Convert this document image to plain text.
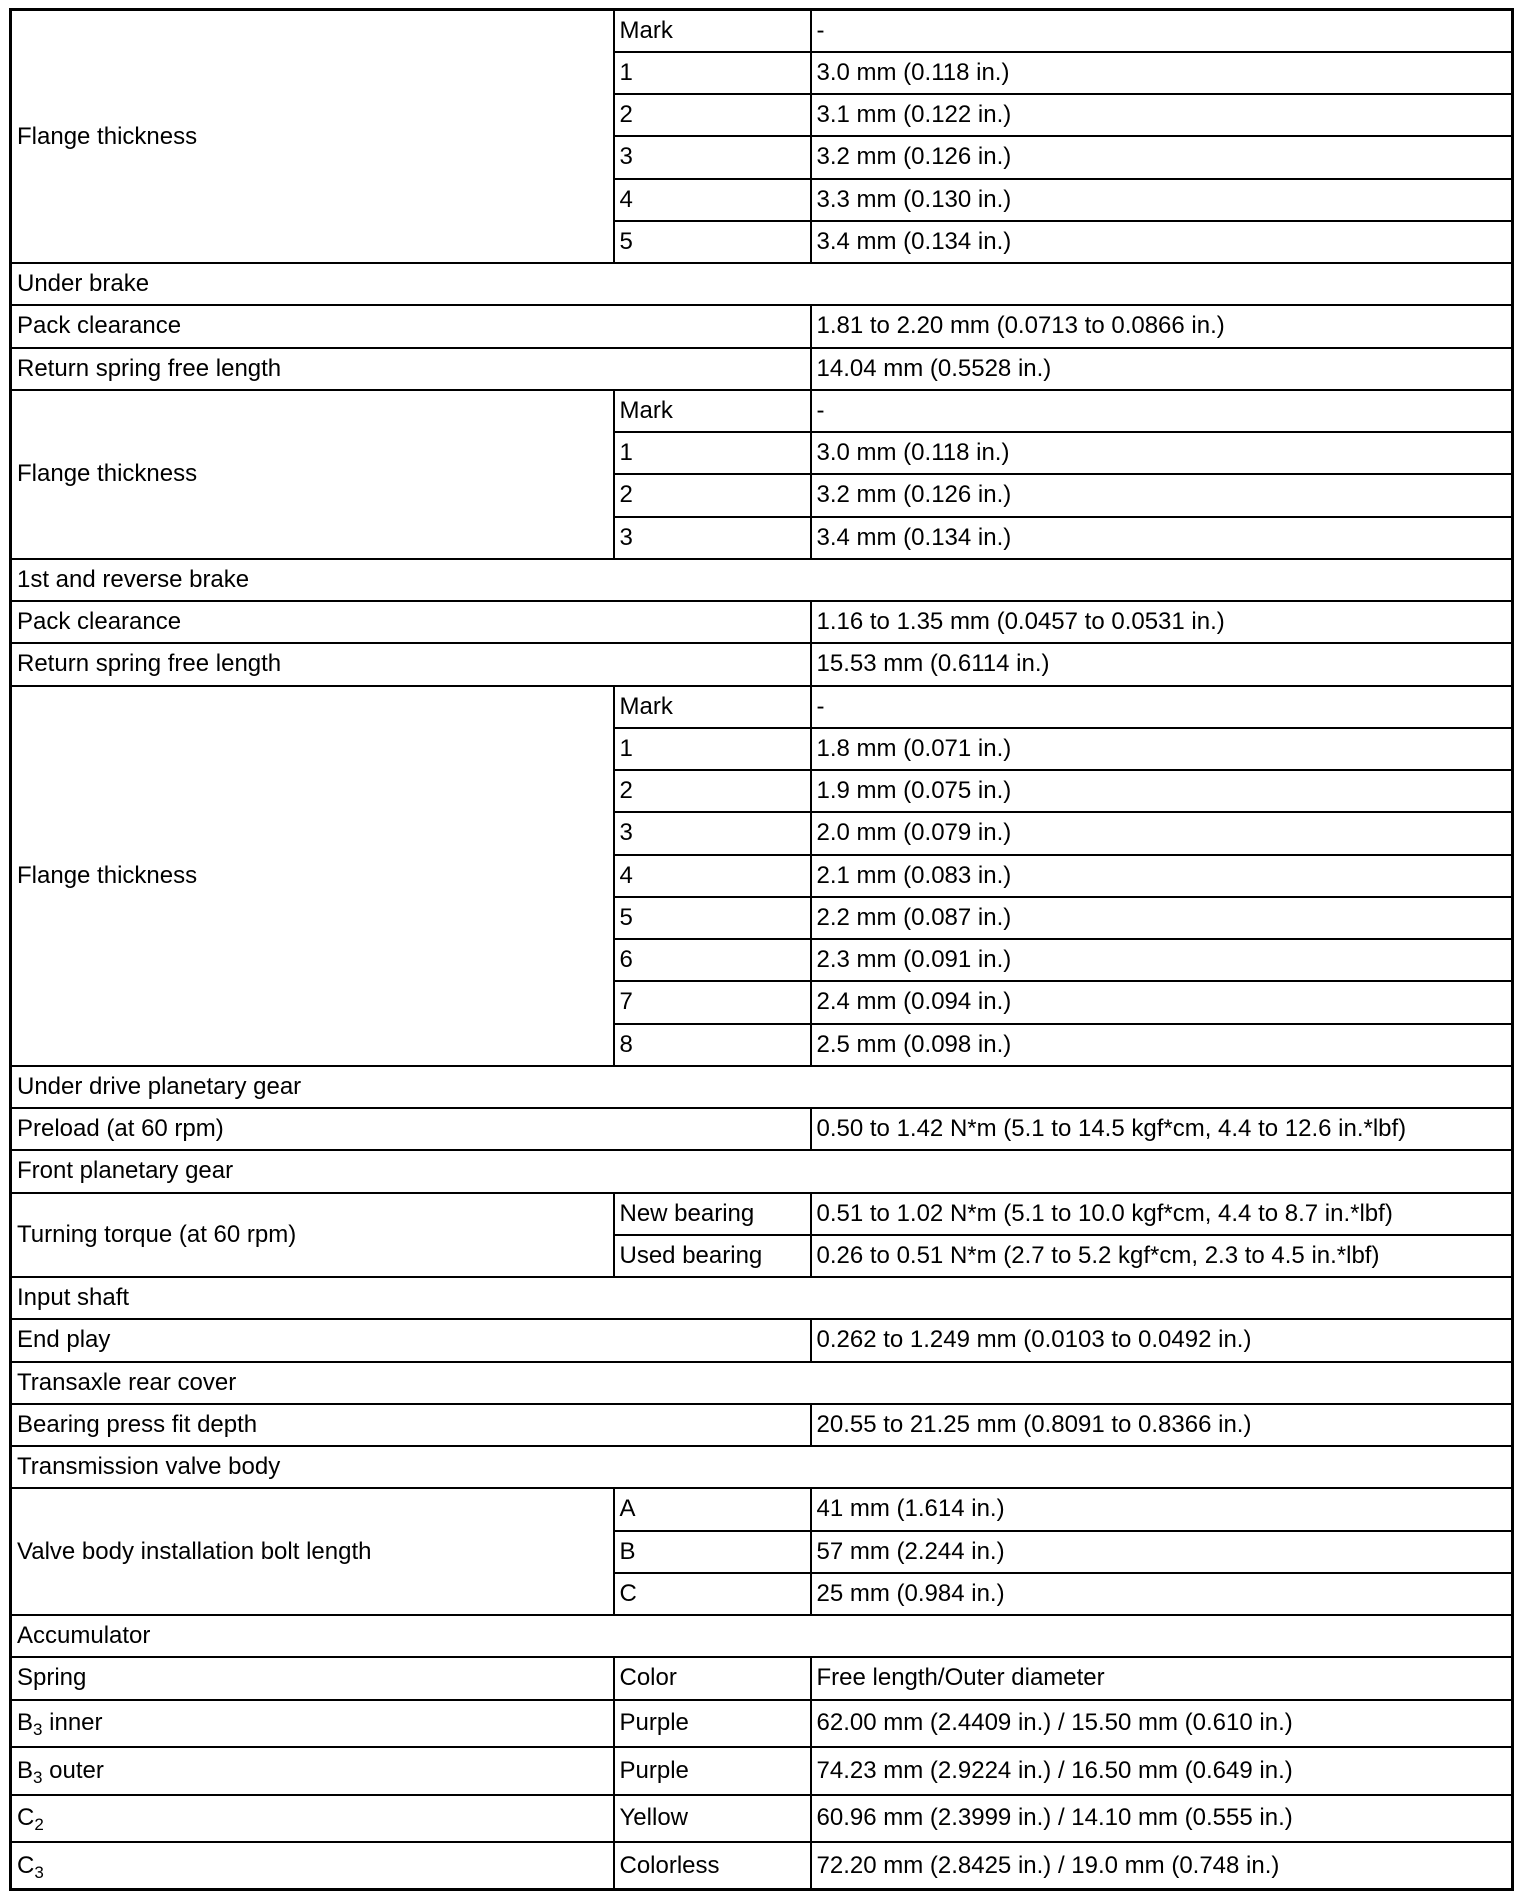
Flange thickness	Mark	-
	1	3.0 mm (0.118 in.)
	2	3.1 mm (0.122 in.)
	3	3.2 mm (0.126 in.)
	4	3.3 mm (0.130 in.)
	5	3.4 mm (0.134 in.)
Under brake		
Pack clearance		1.81 to 2.20 mm (0.0713 to 0.0866 in.)
Return spring free length		14.04 mm (0.5528 in.)
Flange thickness	Mark	-
	1	3.0 mm (0.118 in.)
	2	3.2 mm (0.126 in.)
	3	3.4 mm (0.134 in.)
1st and reverse brake		
Pack clearance		1.16 to 1.35 mm (0.0457 to 0.0531 in.)
Return spring free length		15.53 mm (0.6114 in.)
Flange thickness	Mark	-
	1	1.8 mm (0.071 in.)
	2	1.9 mm (0.075 in.)
	3	2.0 mm (0.079 in.)
	4	2.1 mm (0.083 in.)
	5	2.2 mm (0.087 in.)
	6	2.3 mm (0.091 in.)
	7	2.4 mm (0.094 in.)
	8	2.5 mm (0.098 in.)
Under drive planetary gear		
Preload (at 60 rpm)		0.50 to 1.42 N*m (5.1 to 14.5 kgf*cm, 4.4 to 12.6 in.*lbf)
Front planetary gear		
Turning torque (at 60 rpm)	New bearing	0.51 to 1.02 N*m (5.1 to 10.0 kgf*cm, 4.4 to 8.7 in.*lbf)
	Used bearing	0.26 to 0.51 N*m (2.7 to 5.2 kgf*cm, 2.3 to 4.5 in.*lbf)
Input shaft		
End play		0.262 to 1.249 mm (0.0103 to 0.0492 in.)
Transaxle rear cover		
Bearing press fit depth		20.55 to 21.25 mm (0.8091 to 0.8366 in.)
Transmission valve body		
Valve body installation bolt length	A	41 mm (1.614 in.)
	B	57 mm (2.244 in.)
	C	25 mm (0.984 in.)
Accumulator		
Spring	Color	Free length/Outer diameter
$B_3$ inner	Purple	62.00 mm (2.4409 in.) / 15.50 mm (0.610 in.)
$B_3$ outer	Purple	74.23 mm (2.9224 in.) / 16.50 mm (0.649 in.)
$C_2$	Yellow	60.96 mm (2.3999 in.) / 14.10 mm (0.555 in.)
$C_3$	Colorless	72.20 mm (2.8425 in.) / 19.0 mm (0.748 in.)
